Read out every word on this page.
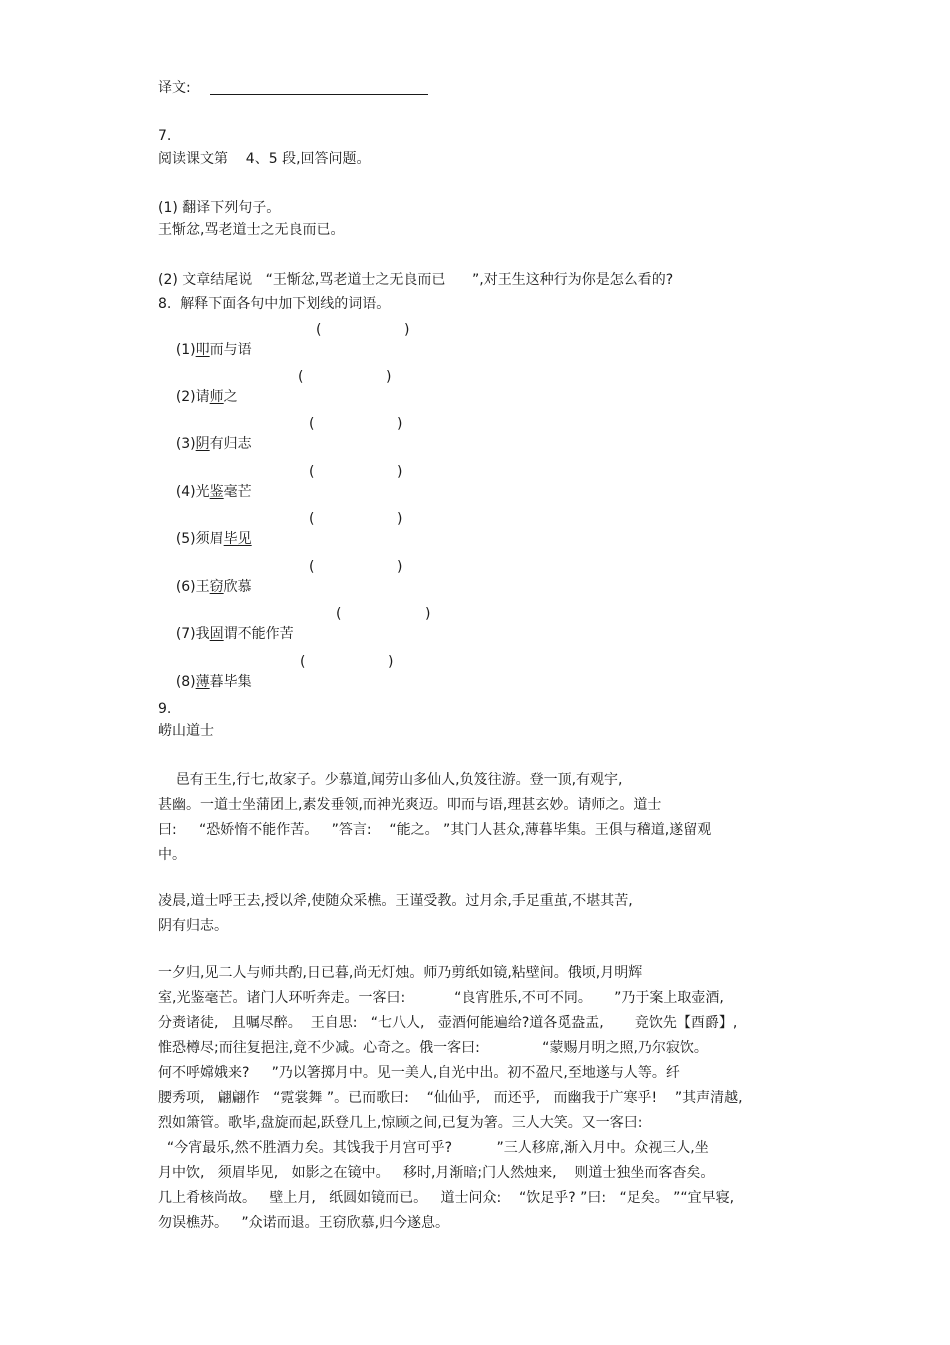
译文:
7.
阅读课文第    4、5 段,回答问题。
(1) 翻译下列句子。
王惭忿,骂老道士之无良而已。
(2) 文章结尾说   “王惭忿,骂老道士之无良而已      ”,对王生这种行为你是怎么看的?
8.  解释下面各句中加下划线的词语。

(1)叩而与语

(

	)

(2)请师之

(

	)

(3)阴有归志

(

	)

(4)光鉴毫芒

(

	)

(5)须眉毕见

(

	)

(6)王窃欣慕

(

	)

(7)我固谓不能作苦

(

	)

(8)薄暮毕集

(

	)

9.
崂山道士
邑有王生,行七,故家子。少慕道,闻劳山多仙人,负笈往游。登一顶,有观宇,
甚幽。一道士坐蒲团上,素发垂领,而神光爽迈。叩而与语,理甚玄妙。请师之。道士
曰:     “恐娇惰不能作苦。   ”答言:    “能之。 ”其门人甚众,薄暮毕集。王俱与稽道,遂留观
中。
凌晨,道士呼王去,授以斧,使随众采樵。王谨受教。过月余,手足重茧,不堪其苦,
阴有归志。
一夕归,见二人与师共酌,日已暮,尚无灯烛。师乃剪纸如镜,粘壁间。俄顷,月明辉
室,光鉴毫芒。诸门人环听奔走。一客曰:           “良宵胜乐,不可不同。     ”乃于案上取壶酒,
分赉诸徒,   且嘱尽醉。  王自思:   “七八人,   壶酒何能遍给?道各觅盎盂,       竞饮先【酉爵】,
惟恐樽尽;而往复挹注,竟不少减。心奇之。俄一客曰:              “蒙赐月明之照,乃尔寂饮。
何不呼嫦娥来?     ”乃以箸掷月中。见一美人,自光中出。初不盈尺,至地遂与人等。纤
腰秀项,   翩翩作   “霓裳舞 ”。已而歌曰:    “仙仙乎,   而还乎,   而幽我于广寒乎!    ”其声清越,
烈如箫管。歌毕,盘旋而起,跃登几上,惊顾之间,已复为箸。三人大笑。又一客曰:
“今宵最乐,然不胜酒力矣。其饯我于月宫可乎?          ”三人移席,渐入月中。众视三人,坐
月中饮,   须眉毕见,   如影之在镜中。   移时,月渐暗;门人然烛来,    则道士独坐而客杳矣。
几上肴核尚故。   壁上月,   纸圆如镜而已。   道士问众:    “饮足乎? ”曰:   “足矣。 ”“宜早寝,
勿误樵苏。   ”众诺而退。王窃欣慕,归今遂息。
